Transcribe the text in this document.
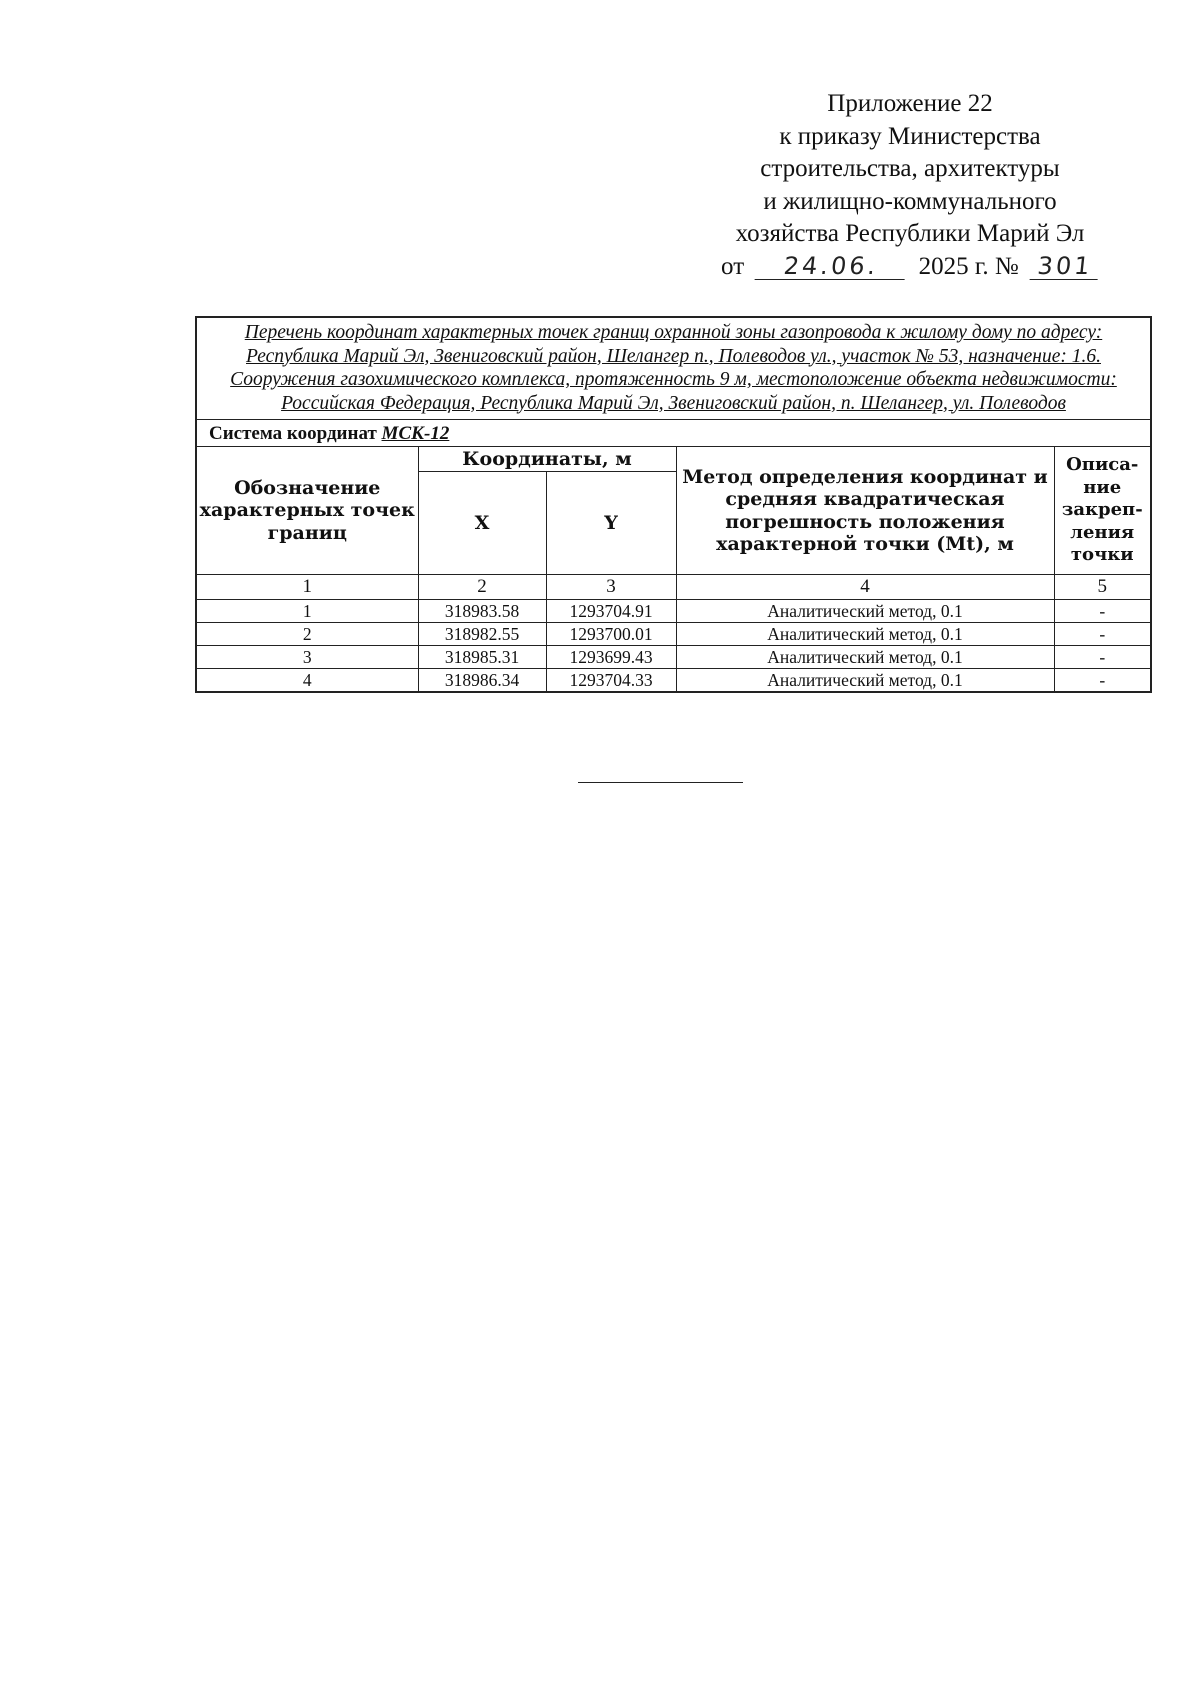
Приложение 22
к приказу Министерства
строительства, архитектуры
и жилищно-коммунального
хозяйства Республики Марий Эл
от 24.06. 2025 г. № 301
Перечень координат характерных точек границ охранной зоны газопровода к жилому дому по адресу: Республика Марий Эл, Звениговский район, Шелангер п., Полеводов ул., участок № 53, назначение: 1.6. Сооружения газохимического комплекса, протяженность 9 м, местоположение объекта недвижимости: Российская Федерация, Республика Марий Эл, Звениговский район, п. Шелангер, ул. Полеводов				
Система координат МСК-12				
Обозначение характерных точек границ	Координаты, м		Метод определения координат и средняя квадратическая погрешность положения характерной точки (Mt), м	Описа-ние закреп-ления точки
	X	Y		
1	2	3	4	5
1	318983.58	1293704.91	Аналитический метод, 0.1	-
2	318982.55	1293700.01	Аналитический метод, 0.1	-
3	318985.31	1293699.43	Аналитический метод, 0.1	-
4	318986.34	1293704.33	Аналитический метод, 0.1	-
